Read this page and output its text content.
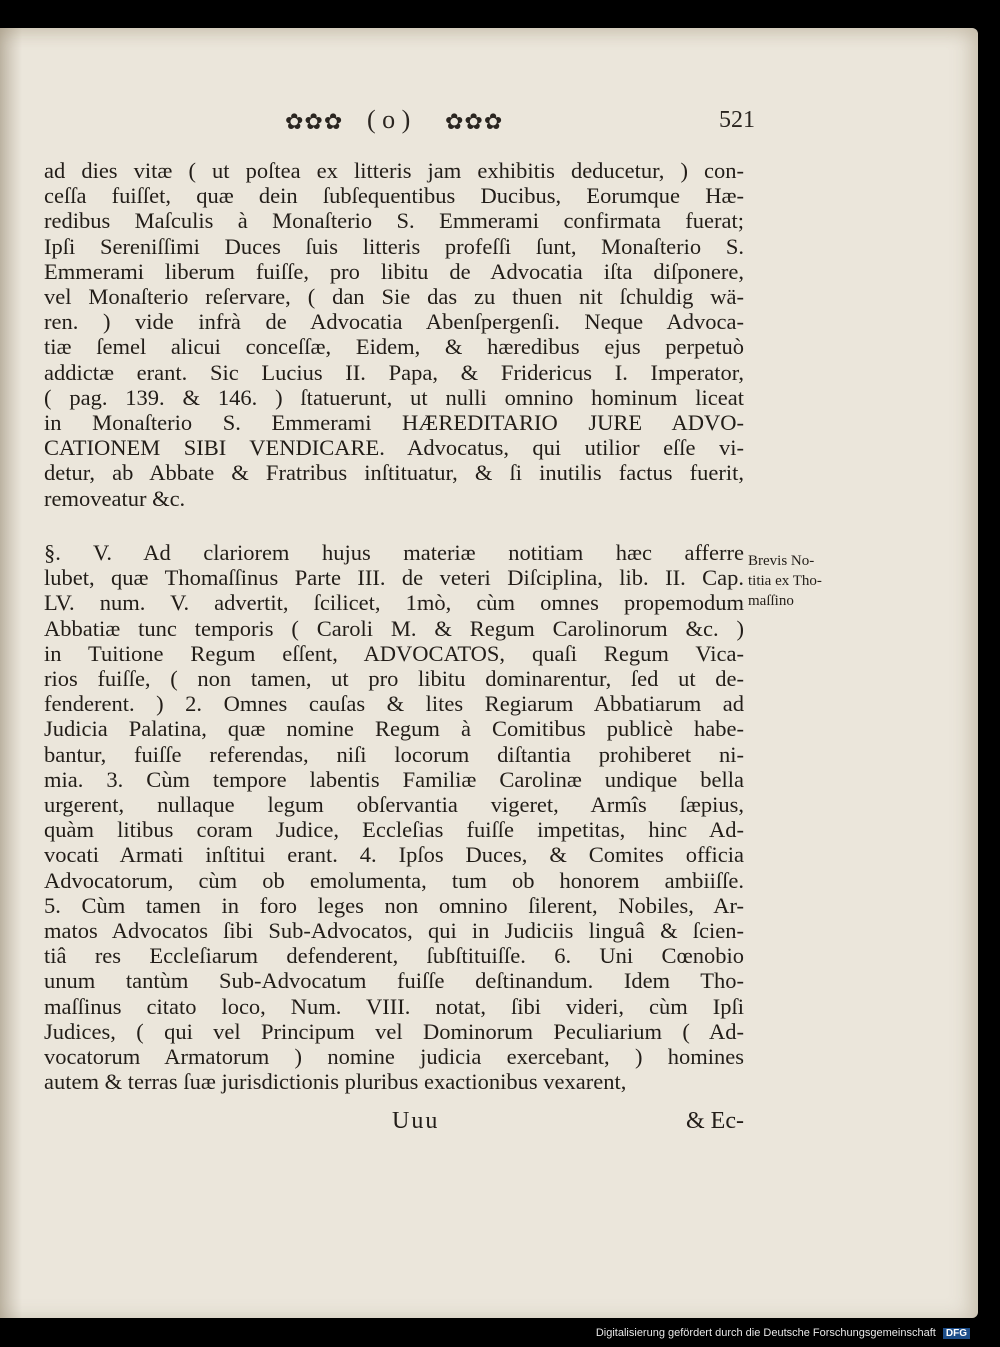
✿✿✿ ( o ) ✿✿✿	521
ad dies vitæ ( ut poſtea ex litteris jam exhibitis deducetur, ) con-
ceſſa fuiſſet, quæ dein ſubſequentibus Ducibus, Eorumque Hæ-
redibus Maſculis à Monaſterio S. Emmerami confirmata fuerat;
Ipſi Sereniſſimi Duces ſuis litteris profeſſi ſunt, Monaſterio S.
Emmerami liberum fuiſſe, pro libitu de Advocatia iſta diſponere,
vel Monaſterio reſervare, ( dan Sie das zu thuen nit ſchuldig wä-
ren. ) vide infrà de Advocatia Abenſpergenſi. Neque Advoca-
tiæ ſemel alicui conceſſæ, Eidem, & hæredibus ejus perpetuò
addictæ erant. Sic Lucius II. Papa, & Fridericus I. Imperator,
( pag. 139. & 146. ) ſtatuerunt, ut nulli omnino hominum liceat
in Monaſterio S. Emmerami HÆREDITARIO JURE ADVO-
CATIONEM SIBI VENDICARE. Advocatus, qui utilior eſſe vi-
detur, ab Abbate & Fratribus inſtituatur, & ſi inutilis factus fuerit,
removeatur &c.
§. V. Ad clariorem hujus materiæ notitiam hæc afferre
lubet, quæ Thomaſſinus Parte III. de veteri Diſciplina, lib. II. Cap.
LV. num. V. advertit, ſcilicet, 1mò, cùm omnes propemodum
Abbatiæ tunc temporis ( Caroli M. & Regum Carolinorum &c. )
in Tuitione Regum eſſent, ADVOCATOS, quaſi Regum Vica-
rios fuiſſe, ( non tamen, ut pro libitu dominarentur, ſed ut de-
fenderent. ) 2. Omnes cauſas & lites Regiarum Abbatiarum ad
Judicia Palatina, quæ nomine Regum à Comitibus publicè habe-
bantur, fuiſſe referendas, niſi locorum diſtantia prohiberet ni-
mia. 3. Cùm tempore labentis Familiæ Carolinæ undique bella
urgerent, nullaque legum obſervantia vigeret, Armîs ſæpius,
quàm litibus coram Judice, Eccleſias fuiſſe impetitas, hinc Ad-
vocati Armati inſtitui erant. 4. Ipſos Duces, & Comites officia
Advocatorum, cùm ob emolumenta, tum ob honorem ambiiſſe.
5. Cùm tamen in foro leges non omnino ſilerent, Nobiles, Ar-
matos Advocatos ſibi Sub-Advocatos, qui in Judiciis linguâ & ſcien-
tiâ res Eccleſiarum defenderent, ſubſtituiſſe. 6. Uni Cœnobio
unum tantùm Sub-Advocatum fuiſſe deſtinandum. Idem Tho-
maſſinus citato loco, Num. VIII. notat, ſibi videri, cùm Ipſi
Judices, ( qui vel Principum vel Dominorum Peculiarium ( Ad-
vocatorum Armatorum ) nomine judicia exercebant, ) homines
autem & terras ſuæ jurisdictionis pluribus exactionibus vexarent,
Brevis No-
titia ex Tho-
maſſino
Uuu	& Ec-
Digitalisierung gefördert durch die Deutsche Forschungsgemeinschaft DFG
